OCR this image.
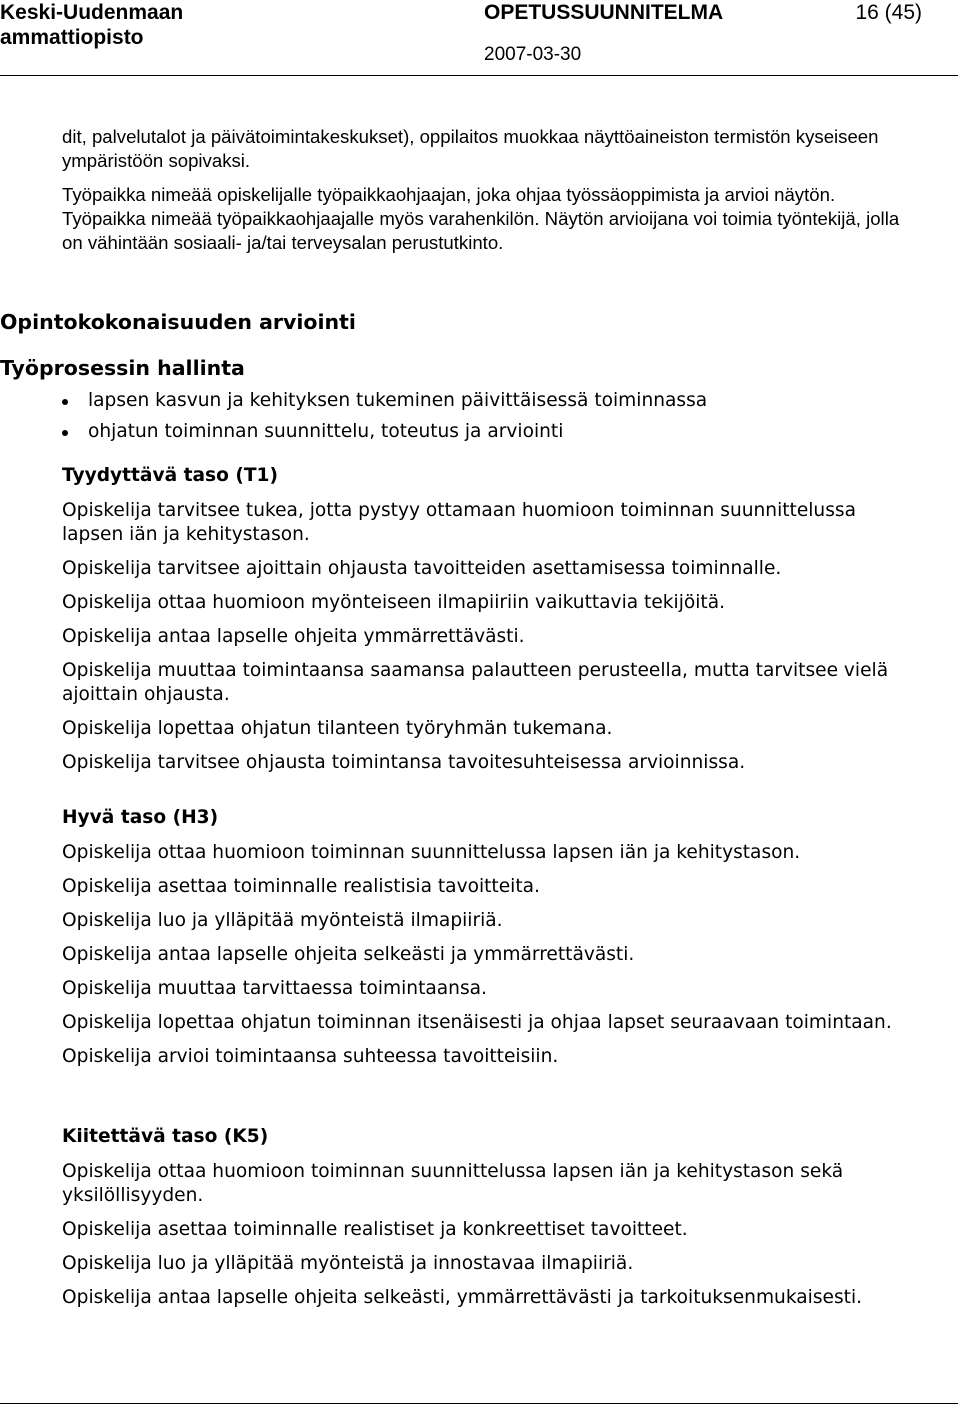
Keski-Uudenmaan
ammattiopisto
OPETUSSUUNNITELMA	16 (45)
2007-03-30

dit, palvelutalot ja päivätoimintakeskukset), oppilaitos muokkaa näyttöaineiston termistön kyseiseen ympäristöön sopivaksi.

Työpaikka nimeää opiskelijalle työpaikkaohjaajan, joka ohjaa työssäoppimista ja arvioi näytön. Työpaikka nimeää työpaikkaohjaajalle myös varahenkilön. Näytön arvioijana voi toimia työntekijä, jolla on vähintään sosiaali- ja/tai terveysalan perustutkinto.

Opintokokonaisuuden arviointi
Työprosessin hallinta
lapsen kasvun ja kehityksen tukeminen päivittäisessä toiminnassa
ohjatun toiminnan suunnittelu, toteutus ja arviointi
Tyydyttävä taso (T1)
Opiskelija tarvitsee tukea, jotta pystyy ottamaan huomioon toiminnan suunnittelussa lapsen iän ja kehitystason.
Opiskelija tarvitsee ajoittain ohjausta tavoitteiden asettamisessa toiminnalle.
Opiskelija ottaa huomioon myönteiseen ilmapiiriin vaikuttavia tekijöitä.
Opiskelija antaa lapselle ohjeita ymmärrettävästi.
Opiskelija muuttaa toimintaansa saamansa palautteen perusteella, mutta tarvitsee vielä ajoittain ohjausta.
Opiskelija lopettaa ohjatun tilanteen työryhmän tukemana.
Opiskelija tarvitsee ohjausta toimintansa tavoitesuhteisessa arvioinnissa.
Hyvä taso (H3)
Opiskelija ottaa huomioon toiminnan suunnittelussa lapsen iän ja kehitystason.
Opiskelija asettaa toiminnalle realistisia tavoitteita.
Opiskelija luo ja ylläpitää myönteistä ilmapiiriä.
Opiskelija antaa lapselle ohjeita selkeästi ja ymmärrettävästi.
Opiskelija muuttaa tarvittaessa toimintaansa.
Opiskelija lopettaa ohjatun toiminnan itsenäisesti ja ohjaa lapset seuraavaan toimintaan.
Opiskelija arvioi toimintaansa suhteessa tavoitteisiin.
Kiitettävä taso (K5)
Opiskelija ottaa huomioon toiminnan suunnittelussa lapsen iän ja kehitystason sekä yksilöllisyyden.
Opiskelija asettaa toiminnalle realistiset ja konkreettiset tavoitteet.
Opiskelija luo ja ylläpitää myönteistä ja innostavaa ilmapiiriä.
Opiskelija antaa lapselle ohjeita selkeästi, ymmärrettävästi ja tarkoituksenmukaisesti.
